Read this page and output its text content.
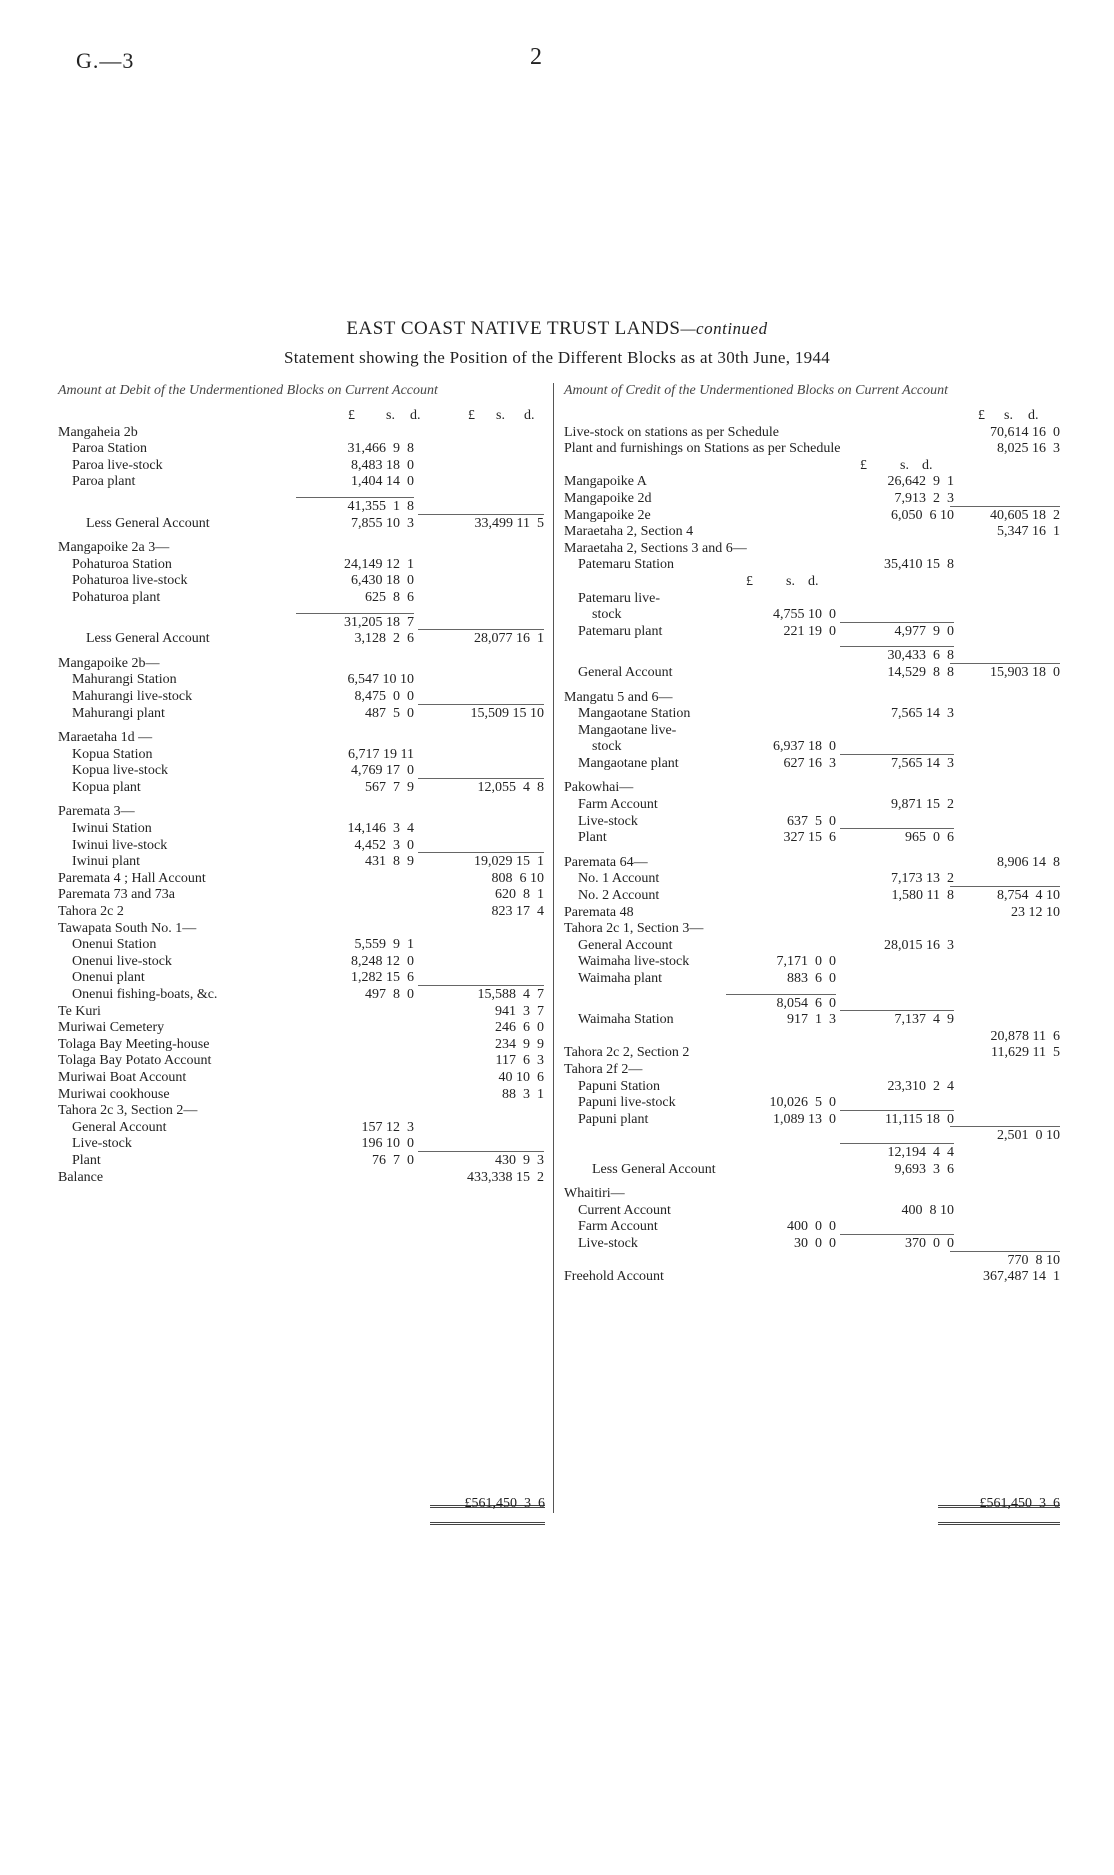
G.—3	2
EAST COAST NATIVE TRUST LANDS—continued
Statement showing the Position of the Different Blocks as at 30th June, 1944
Amount at Debit of the Undermentioned Blocks on Current Account	Amount of Credit of the Undermentioned Blocks on Current Account
£ s. d.	£ s. d.
Mangaheia 2b
Paroa Station	31,466  9  8
Paroa live-stock	8,483 18  0
Paroa plant	1,404 14  0
41,355  1  8
Less General Account	7,855 10  3	33,499 11  5
Mangapoike 2a 3—
Pohaturoa Station	24,149 12  1
Pohaturoa live-stock	6,430 18  0
Pohaturoa plant	625  8  6
31,205 18  7
Less General Account	3,128  2  6	28,077 16  1
Mangapoike 2b—
Mahurangi Station	6,547 10 10
Mahurangi live-stock	8,475  0  0
Mahurangi plant	487  5  0	15,509 15 10
Maraetaha 1d —
Kopua Station	6,717 19 11
Kopua live-stock	4,769 17  0
Kopua plant	567  7  9	12,055  4  8
Paremata 3—
Iwinui Station	14,146  3  4
Iwinui live-stock	4,452  3  0
Iwinui plant	431  8  9	19,029 15  1
Paremata 4 ; Hall Account	808  6 10
Paremata 73 and 73a	620  8  1
Tahora 2c 2	823 17  4
Tawapata South No. 1—
Onenui Station	5,559  9  1
Onenui live-stock	8,248 12  0
Onenui plant	1,282 15  6
Onenui fishing-boats, &c.	497  8  0	15,588  4  7
Te Kuri	941  3  7
Muriwai Cemetery	246  6  0
Tolaga Bay Meeting-house	234  9  9
Tolaga Bay Potato Account	117  6  3
Muriwai Boat Account	40 10  6
Muriwai cookhouse	88  3  1
Tahora 2c 3, Section 2—
General Account	157 12  3
Live-stock	196 10  0
Plant	76  7  0	430  9  3
Balance	433,338 15  2
£561,450  3  6
£ s. d.
Live-stock on stations as per Schedule	70,614 16  0
Plant and furnishings on Stations as per Schedule	8,025 16  3
£ s. d.
Mangapoike A	26,642  9  1
Mangapoike 2d	7,913  2  3
Mangapoike 2e	6,050  6 10	40,605 18  2
Maraetaha 2, Section 4	5,347 16  1
Maraetaha 2, Sections 3 and 6—
Patemaru Station	35,410 15  8
£ s. d.
Patemaru live-
stock	4,755 10  0
Patemaru plant	221 19  0	4,977  9  0
30,433  6  8
General Account	14,529  8  8	15,903 18  0
Mangatu 5 and 6—
Mangaotane Station	7,565 14  3
Mangaotane live-
stock	6,937 18  0
Mangaotane plant	627 16  3	7,565 14  3
Pakowhai—
Farm Account	9,871 15  2
Live-stock	637  5  0
Plant	327 15  6	965  0  6
Paremata 64—	8,906 14  8
No. 1 Account	7,173 13  2
No. 2 Account	1,580 11  8	8,754  4 10
Paremata 48	23 12 10
Tahora 2c 1, Section 3—
General Account	28,015 16  3
Waimaha live-stock	7,171  0  0
Waimaha plant	883  6  0
8,054  6  0
Waimaha Station	917  1  3	7,137  4  9
20,878 11  6
Tahora 2c 2, Section 2	11,629 11  5
Tahora 2f 2—
Papuni Station	23,310  2  4
Papuni live-stock	10,026  5  0
Papuni plant	1,089 13  0	11,115 18  0
2,501  0 10
12,194  4  4
Less General Account	9,693  3  6
Whaitiri—
Current Account	400  8 10
Farm Account	400  0  0
Live-stock	30  0  0	370  0  0
770  8 10
Freehold Account	367,487 14  1
£561,450  3  6
